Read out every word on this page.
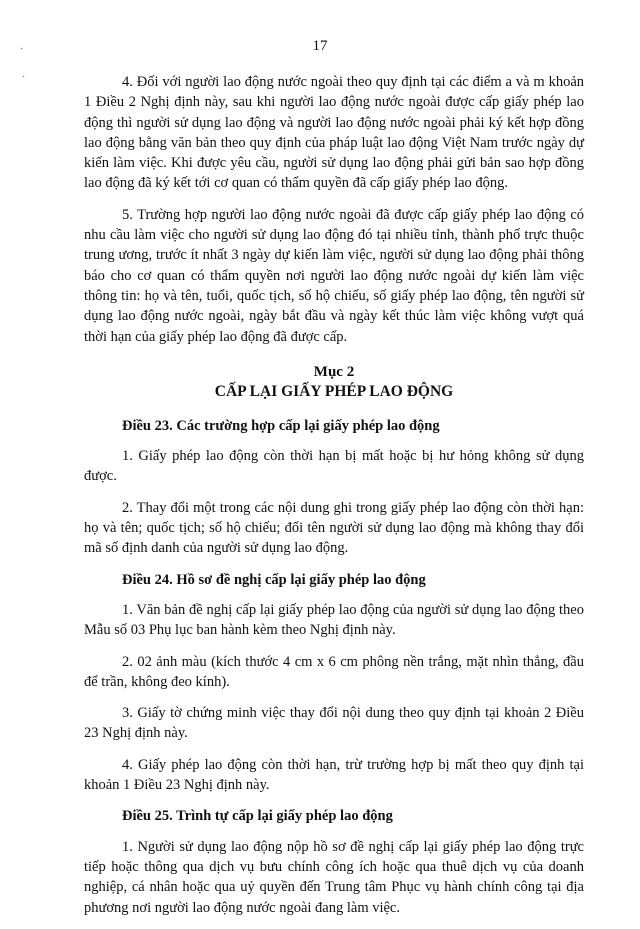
·
·
17

4. Đối với người lao động nước ngoài theo quy định tại các điểm a và m khoản 1 Điều 2 Nghị định này, sau khi người lao động nước ngoài được cấp giấy phép lao động thì người sử dụng lao động và người lao động nước ngoài phải ký kết hợp đồng lao động bằng văn bản theo quy định của pháp luật lao động Việt Nam trước ngày dự kiến làm việc. Khi được yêu cầu, người sử dụng lao động phải gửi bản sao hợp đồng lao động đã ký kết tới cơ quan có thẩm quyền đã cấp giấy phép lao động.

5. Trường hợp người lao động nước ngoài đã được cấp giấy phép lao động có nhu cầu làm việc cho người sử dụng lao động đó tại nhiều tỉnh, thành phố trực thuộc trung ương, trước ít nhất 3 ngày dự kiến làm việc, người sử dụng lao động phải thông báo cho cơ quan có thẩm quyền nơi người lao động nước ngoài dự kiến làm việc thông tin: họ và tên, tuổi, quốc tịch, số hộ chiếu, số giấy phép lao động, tên người sử dụng lao động nước ngoài, ngày bắt đầu và ngày kết thúc làm việc không vượt quá thời hạn của giấy phép lao động đã được cấp.

Mục 2
CẤP LẠI GIẤY PHÉP LAO ĐỘNG
Điều 23. Các trường hợp cấp lại giấy phép lao động

1. Giấy phép lao động còn thời hạn bị mất hoặc bị hư hỏng không sử dụng được.

2. Thay đổi một trong các nội dung ghi trong giấy phép lao động còn thời hạn: họ và tên; quốc tịch; số hộ chiếu; đổi tên người sử dụng lao động mà không thay đổi mã số định danh của người sử dụng lao động.

Điều 24. Hồ sơ đề nghị cấp lại giấy phép lao động

1. Văn bản đề nghị cấp lại giấy phép lao động của người sử dụng lao động theo Mẫu số 03 Phụ lục ban hành kèm theo Nghị định này.

2. 02 ảnh màu (kích thước 4 cm x 6 cm phông nền trắng, mặt nhìn thẳng, đầu để trần, không đeo kính).

3. Giấy tờ chứng minh việc thay đổi nội dung theo quy định tại khoản 2 Điều 23 Nghị định này.

4. Giấy phép lao động còn thời hạn, trừ trường hợp bị mất theo quy định tại khoản 1 Điều 23 Nghị định này.

Điều 25. Trình tự cấp lại giấy phép lao động

1. Người sử dụng lao động nộp hồ sơ đề nghị cấp lại giấy phép lao động trực tiếp hoặc thông qua dịch vụ bưu chính công ích hoặc qua thuê dịch vụ của doanh nghiệp, cá nhân hoặc qua uỷ quyền đến Trung tâm Phục vụ hành chính công tại địa phương nơi người lao động nước ngoài đang làm việc.
